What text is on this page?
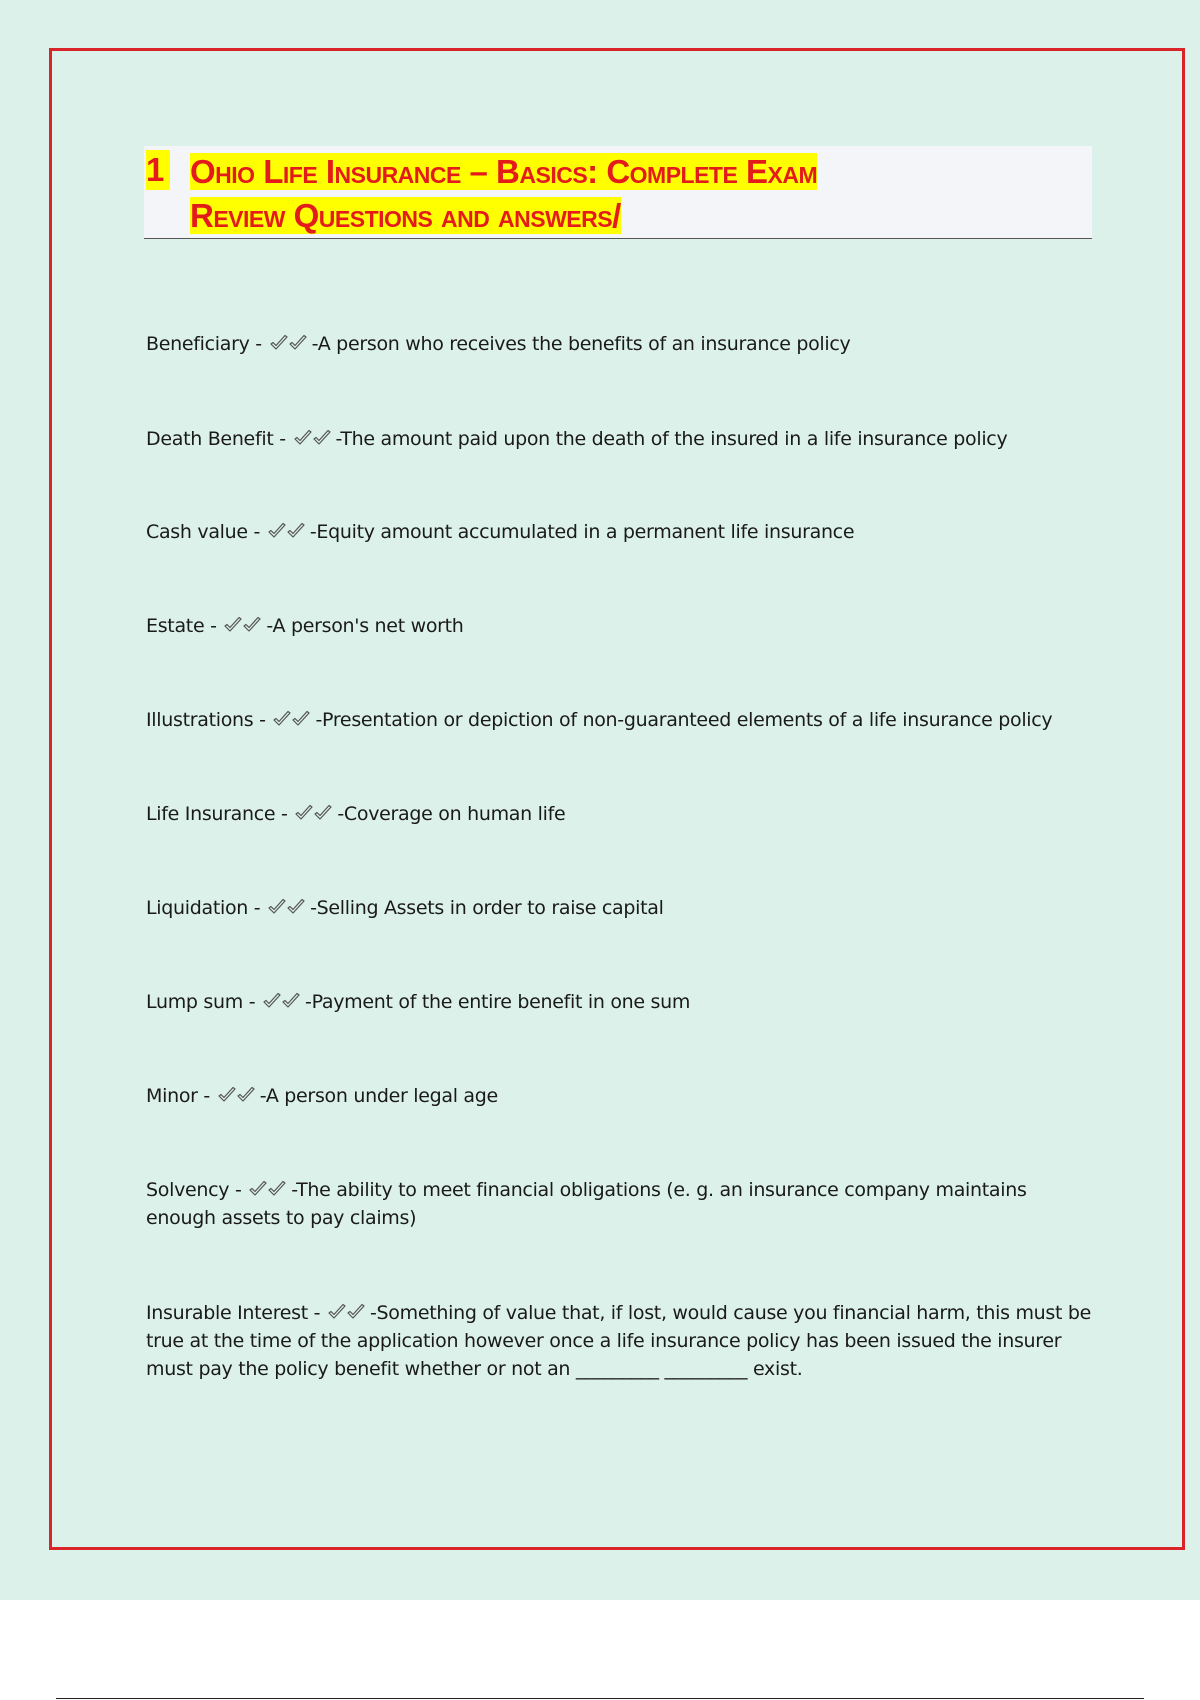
1 Ohio Life Insurance – Basics: Complete Exam
Review Questions and answers/
Beneficiary - -A person who receives the benefits of an insurance policy
Death Benefit - -The amount paid upon the death of the insured in a life insurance policy
Cash value - -Equity amount accumulated in a permanent life insurance
Estate - -A person's net worth
Illustrations - -Presentation or depiction of non-guaranteed elements of a life insurance policy
Life Insurance - -Coverage on human life
Liquidation - -Selling Assets in order to raise capital
Lump sum - -Payment of the entire benefit in one sum
Minor - -A person under legal age
Solvency - -The ability to meet financial obligations (e. g. an insurance company maintains enough assets to pay claims)
Insurable Interest - -Something of value that, if lost, would cause you financial harm, this must be true at the time of the application however once a life insurance policy has been issued the insurer must pay the policy benefit whether or not an _________ _________ exist.
